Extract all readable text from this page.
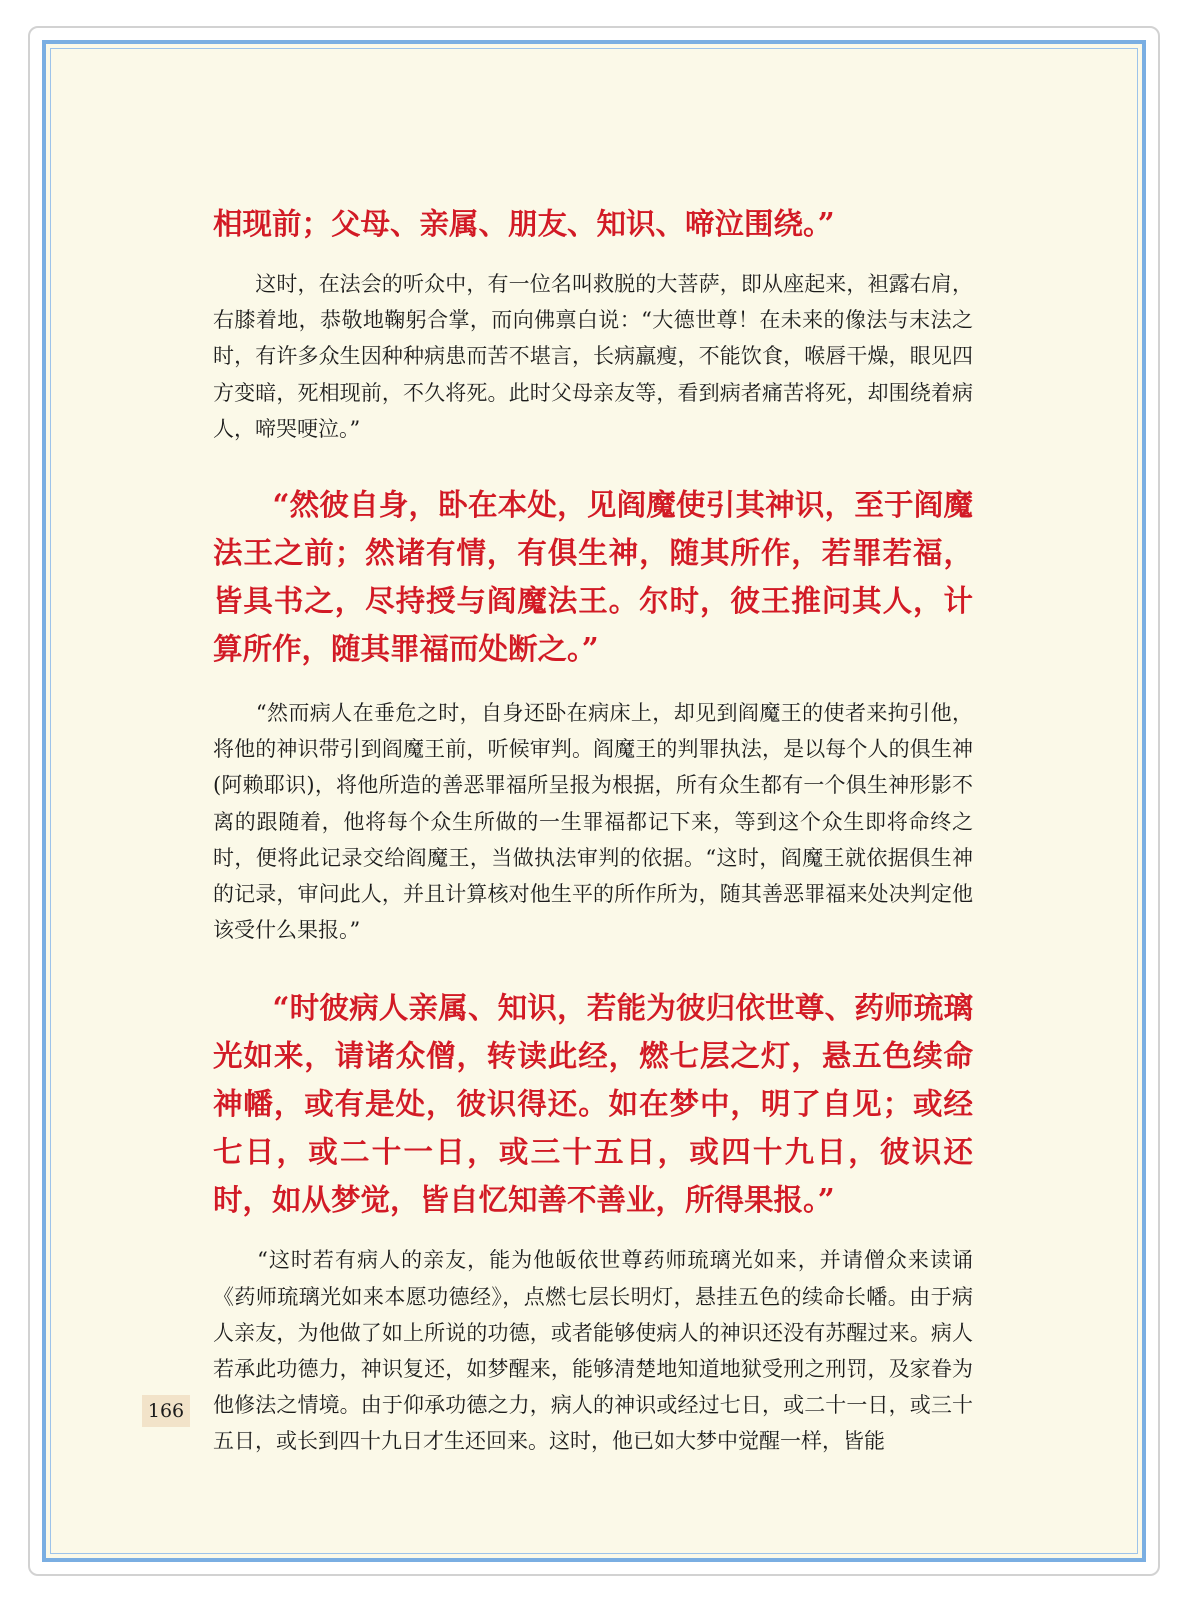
相现前；父母、亲属、朋友、知识、啼泣围绕。”

　　这时，在法会的听众中，有一位名叫救脱的大菩萨，即从座起来，袒露右肩，右膝着地，恭敬地鞠躬合掌，而向佛禀白说：“大德世尊！在未来的像法与末法之时，有许多众生因种种病患而苦不堪言，长病羸瘦，不能饮食，喉唇干燥，眼见四方变暗，死相现前，不久将死。此时父母亲友等，看到病者痛苦将死，却围绕着病人，啼哭哽泣。”

　　“然彼自身，卧在本处，见阎魔使引其神识，至于阎魔法王之前；然诸有情，有俱生神，随其所作，若罪若福，皆具书之，尽持授与阎魔法王。尔时，彼王推问其人，计算所作，随其罪福而处断之。”

　　“然而病人在垂危之时，自身还卧在病床上，却见到阎魔王的使者来拘引他，将他的神识带引到阎魔王前，听候审判。阎魔王的判罪执法，是以每个人的俱生神(阿赖耶识)，将他所造的善恶罪福所呈报为根据，所有众生都有一个俱生神形影不离的跟随着，他将每个众生所做的一生罪福都记下来，等到这个众生即将命终之时，便将此记录交给阎魔王，当做执法审判的依据。“这时，阎魔王就依据俱生神的记录，审问此人，并且计算核对他生平的所作所为，随其善恶罪福来处决判定他该受什么果报。”

　　“时彼病人亲属、知识，若能为彼归依世尊、药师琉璃光如来，请诸众僧，转读此经，燃七层之灯，悬五色续命神幡，或有是处，彼识得还。如在梦中，明了自见；或经七日，或二十一日，或三十五日，或四十九日，彼识还时，如从梦觉，皆自忆知善不善业，所得果报。”

　　“这时若有病人的亲友，能为他皈依世尊药师琉璃光如来，并请僧众来读诵《药师琉璃光如来本愿功德经》，点燃七层长明灯，悬挂五色的续命长幡。由于病人亲友，为他做了如上所说的功德，或者能够使病人的神识还没有苏醒过来。病人若承此功德力，神识复还，如梦醒来，能够清楚地知道地狱受刑之刑罚，及家眷为他修法之情境。由于仰承功德之力，病人的神识或经过七日，或二十一日，或三十五日，或长到四十九日才生还回来。这时，他已如大梦中觉醒一样，皆能

166
